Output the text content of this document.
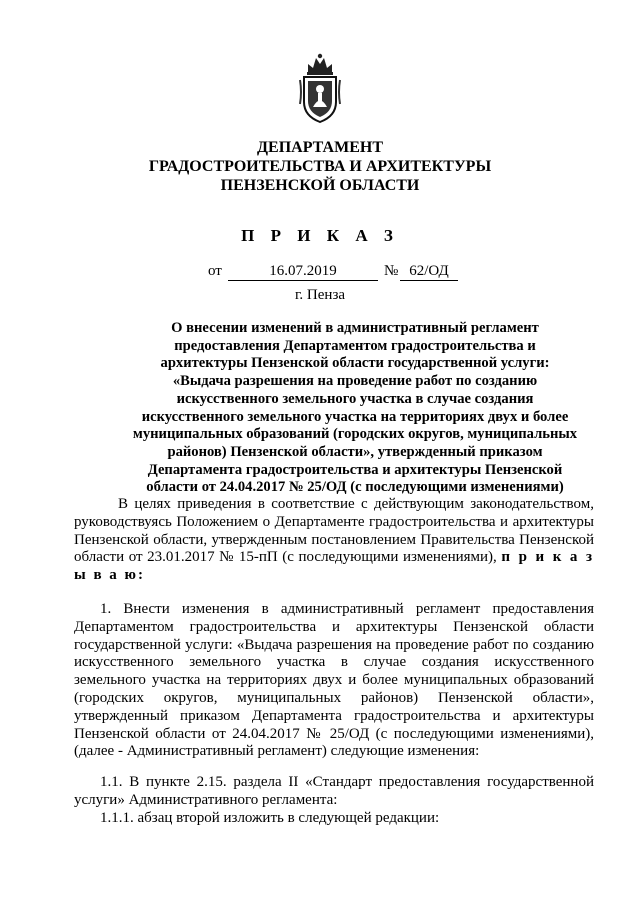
ДЕПАРТАМЕНТ
ГРАДОСТРОИТЕЛЬСТВА И АРХИТЕКТУРЫ
ПЕНЗЕНСКОЙ ОБЛАСТИ
П Р И К А З
от	16.07.2019	№ 62/ОД
г. Пенза
О внесении изменений в административный регламент предоставления Департаментом градостроительства и архитектуры Пензенской области государственной услуги: «Выдача разрешения на проведение работ по созданию искусственного земельного участка в случае создания искусственного земельного участка на территориях двух и более муниципальных образований (городских округов, муниципальных районов) Пензенской области», утвержденный приказом Департамента градостроительства и архитектуры Пензенской области от 24.04.2017 № 25/ОД (с последующими изменениями)
В целях приведения в соответствие с действующим законодательством, руководствуясь Положением о Департаменте градостроительства и архитектуры Пензенской области, утвержденным постановлением Правительства Пензенской области от 23.01.2017 № 15-пП (с последующими изменениями), п р и к а з ы в а ю:
1. Внести изменения в административный регламент предоставления Департаментом градостроительства и архитектуры Пензенской области государственной услуги: «Выдача разрешения на проведение работ по созданию искусственного земельного участка в случае создания искусственного земельного участка на территориях двух и более муниципальных образований (городских округов, муниципальных районов) Пензенской области», утвержденный приказом Департамента градостроительства и архитектуры Пензенской области от 24.04.2017 № 25/ОД (с последующими изменениями), (далее - Административный регламент) следующие изменения:
1.1. В пункте 2.15. раздела II «Стандарт предоставления государственной услуги» Административного регламента:
1.1.1. абзац второй изложить в следующей редакции:
